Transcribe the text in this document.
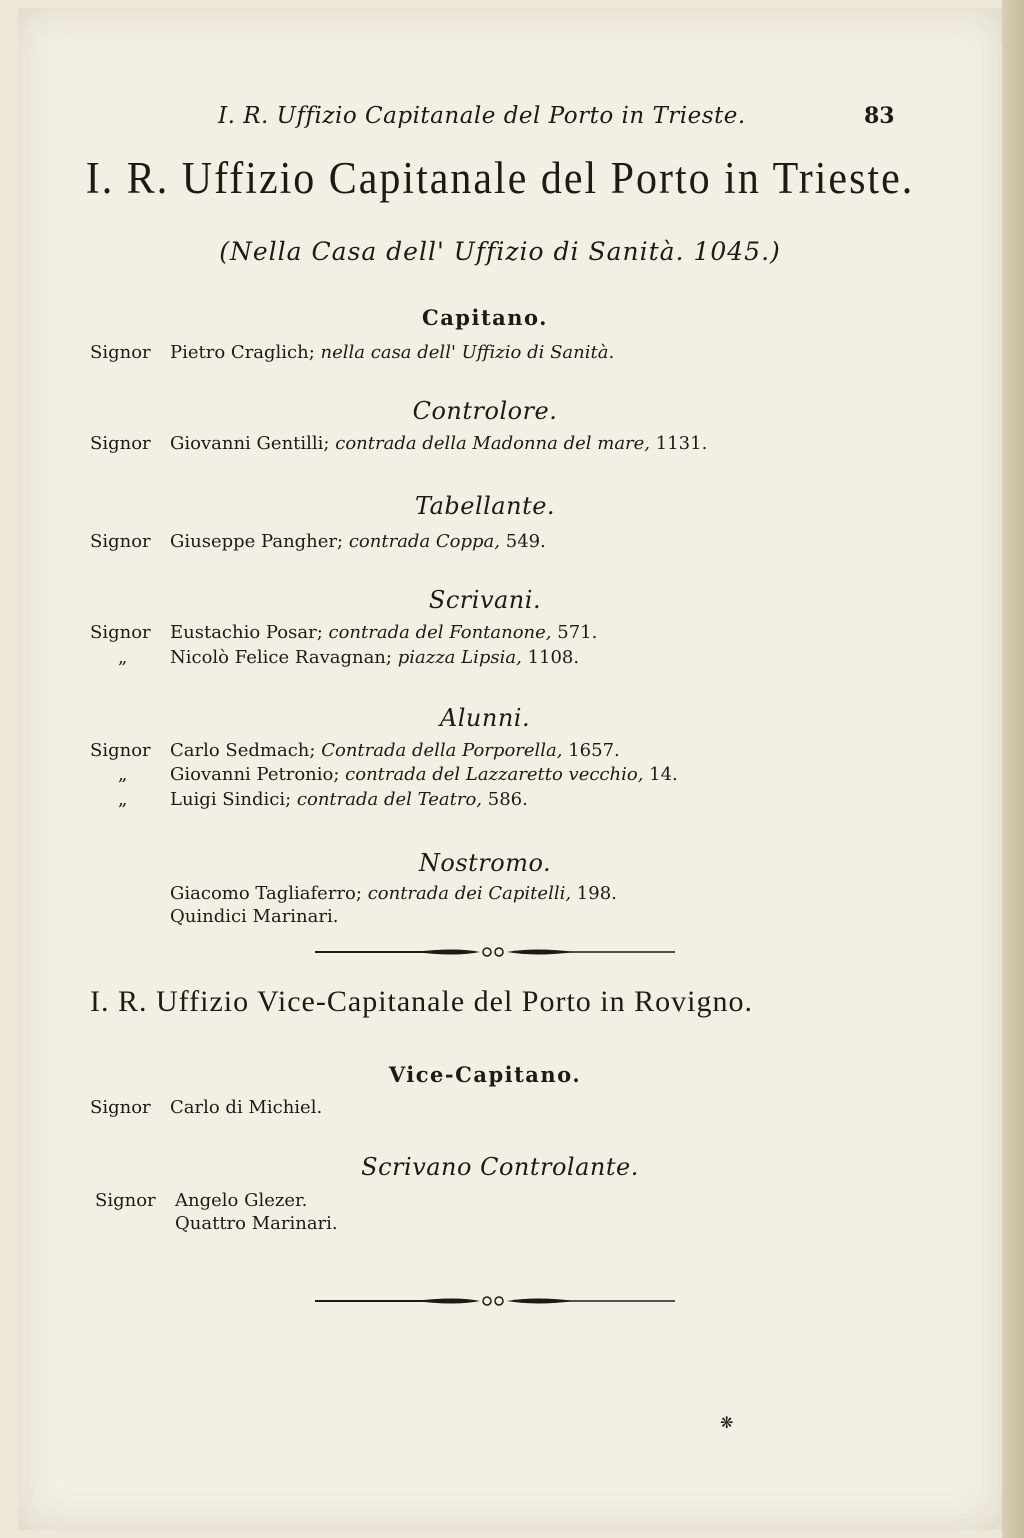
I. R. Uffizio Capitanale del Porto in Trieste.	83
I. R. Uffizio Capitanale del Porto in Trieste.
(Nella Casa dell' Uffizio di Sanità. 1045.)
Capitano.
Signor	Pietro Craglich; nella casa dell' Uffizio di Sanità.
Controlore.
Signor	Giovanni Gentilli; contrada della Madonna del mare, 1131.
Tabellante.
Signor	Giuseppe Pangher; contrada Coppa, 549.
Scrivani.
Signor	Eustachio Posar; contrada del Fontanone, 571.
„	Nicolò Felice Ravagnan; piazza Lipsia, 1108.
Alunni.
Signor	Carlo Sedmach; Contrada della Porporella, 1657.
„	Giovanni Petronio; contrada del Lazzaretto vecchio, 14.
„	Luigi Sindici; contrada del Teatro, 586.
Nostromo.
Giacomo Tagliaferro; contrada dei Capitelli, 198.
Quindici Marinari.
I. R. Uffizio Vice-Capitanale del Porto in Rovigno.
Vice-Capitano.
Signor	Carlo di Michiel.
Scrivano Controlante.
Signor	Angelo Glezer.
Quattro Marinari.
❋
